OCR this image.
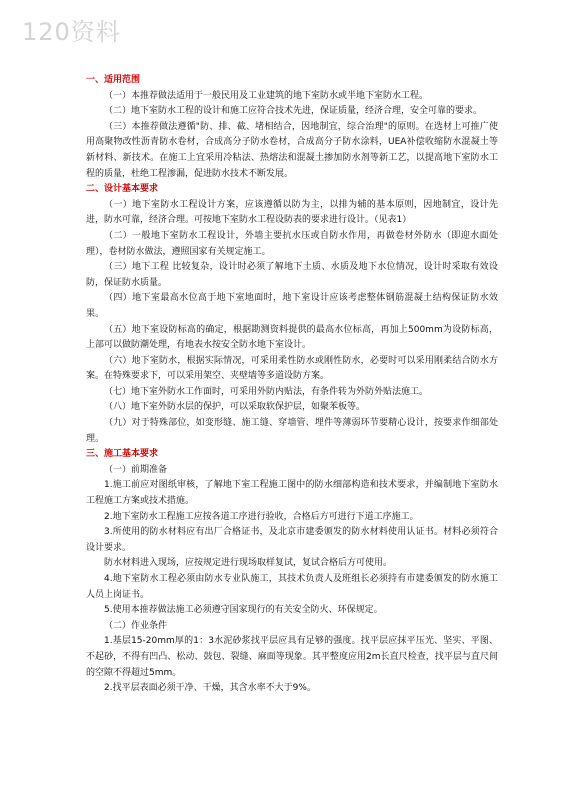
120资料
一、适用范围
（一）本推荐做法适用于一般民用及工业建筑的地下室防水或半地下室防水工程。
（二）地下室防水工程的设计和施工应符合技术先进，保证质量，经济合理，安全可靠的要求。
（三）本推荐做法遵循"防、排、截、堵相结合，因地制宜，综合治理"的原则。在选材上可推广使用高聚物改性沥青防水卷材，合成高分子防水卷材，合成高分子防水涂料，UEA补偿收缩防水混凝土等新材料、新技术。在施工上宜采用冷粘法、热熔法和混凝土掺加防水剂等新工艺，以提高地下室防水工程的质量，杜绝工程渗漏，促进防水技术不断发展。
二、设计基本要求
（一）地下室防水工程设计方案，应该遵循以防为主，以排为辅的基本原则，因地制宜，设计先进，防水可靠，经济合理。可按地下室防水工程设防表的要求进行设计。（见表1）
（二）一般地下室防水工程设计，外墙主要抗水压或自防水作用，再做卷材外防水（即迎水面处理），卷材防水做法，遵照国家有关规定施工。
（三）地下工程 比较复杂，设计时必须了解地下土质、水质及地下水位情况，设计时采取有效设防，保证防水质量。
（四）地下室最高水位高于地下室地面时，地下室设计应该考虑整体钢筋混凝土结构保证防水效果。
（五）地下室设防标高的确定，根据勘测资料提供的最高水位标高，再加上500mm为设防标高，上部可以做防潮处理，有地表水按安全防水地下室设计。
（六）地下室防水，根据实际情况，可采用柔性防水或刚性防水，必要时可以采用刚柔结合防水方案。在特殊要求下，可以采用架空、夹壁墙等多道设防方案。
（七）地下室外防水工作面时，可采用外防内贴法，有条件转为外防外贴法施工。
（八）地下室外防水层的保护，可以采取软保护层，如聚苯板等。
（九）对于特殊部位，如变形缝、施工缝、穿墙管、埋件等薄弱环节要精心设计，按要求作细部处理。
三、施工基本要求
（一）前期准备
1.施工前应对图纸审核，了解地下室工程施工图中的防水细部构造和技术要求，并编制地下室防水工程施工方案或技术措施。
2.地下室防水工程施工应按各道工序进行验收，合格后方可进行下道工序施工。
3.所使用的防水材料应有出厂合格证书，及北京市建委颁发的防水材料使用认证书。材料必须符合设计要求。
防水材料进入现场，应按规定进行现场取样复试，复试合格后方可使用。
4.地下室防水工程必须由防水专业队施工，其技术负责人及班组长必须持有市建委颁发的防水施工人员上岗证书。
5.使用本推荐做法施工必须遵守国家现行的有关安全防火、环保规定。
（二）作业条件
1.基层15-20mm厚的1：3水泥砂浆找平层应具有足够的强度。找平层应抹平压光、坚实、平图、不起砂，不得有凹凸、松动、鼓包、裂缝、麻面等现象。其平整度应用2m长直尺检查，找平层与直尺间的空隙不得超过5mm。
2.找平层表面必须干净、干燥，其含水率不大于9%。
